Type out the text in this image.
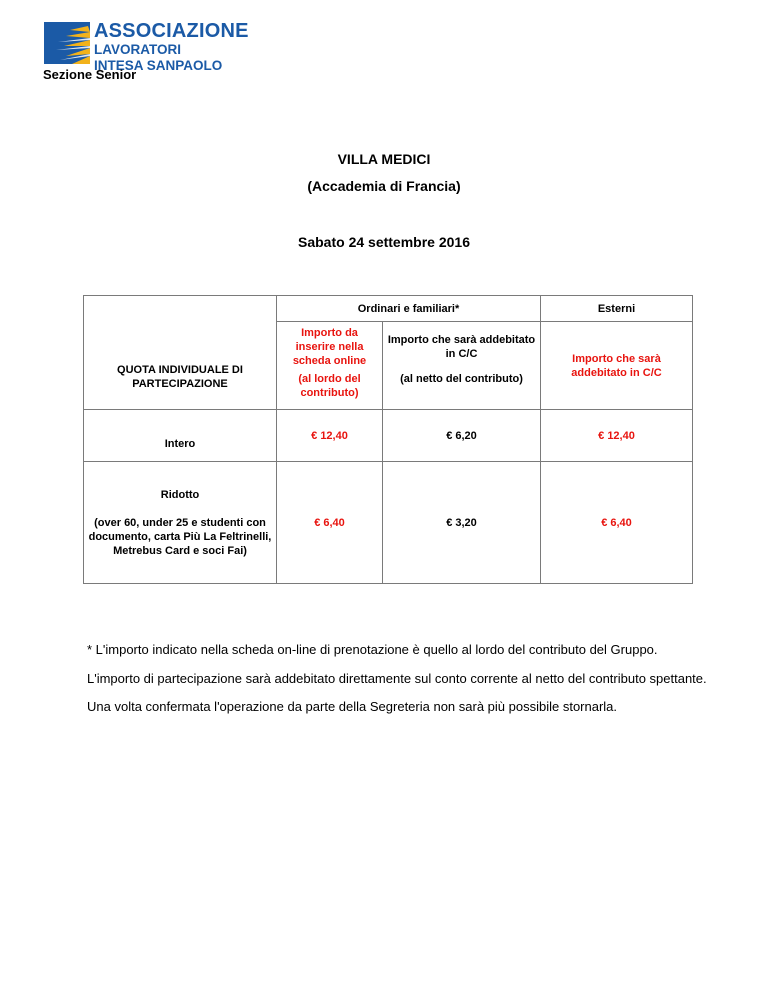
ASSOCIAZIONE
LAVORATORI
INTESA SANPAOLO
Sezione Senior
VILLA MEDICI
(Accademia di Francia)
Sabato 24 settembre 2016
QUOTA INDIVIDUALE DI PARTECIPAZIONE	Ordinari e familiari*		Esterni
	Importo da inserire nella scheda online	Importo che sarà addebitato in C/C	Importo che sarà addebitato in C/C
	(al lordo del contributo)	(al netto del contributo)	
Intero	€ 12,40	€ 6,20	€ 12,40

Ridotto
(over 60, under 25 e studenti con documento, carta Più La Feltrinelli, Metrebus Card e soci Fai)	€ 6,40	€ 3,20	€ 6,40
* L'importo indicato nella scheda on-line di prenotazione è quello al lordo del contributo del Gruppo.
L'importo di partecipazione sarà addebitato direttamente sul conto corrente al netto del contributo spettante.
Una volta confermata l'operazione da parte della Segreteria non sarà più possibile stornarla.
